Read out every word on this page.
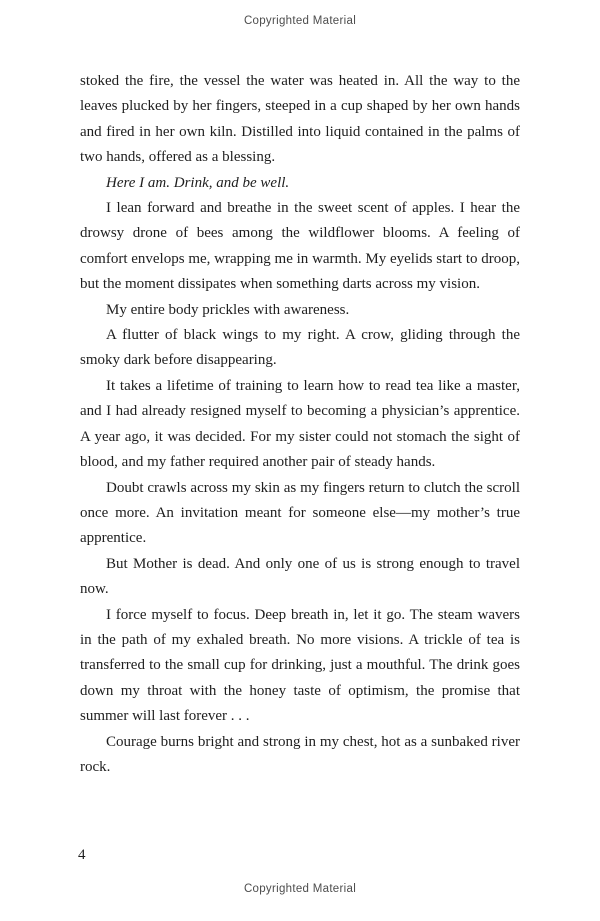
Copyrighted Material

stoked the fire, the vessel the water was heated in. All the way to the leaves plucked by her fingers, steeped in a cup shaped by her own hands and fired in her own kiln. Distilled into liquid contained in the palms of two hands, offered as a blessing.

Here I am. Drink, and be well.

I lean forward and breathe in the sweet scent of apples. I hear the drowsy drone of bees among the wildflower blooms. A feeling of comfort envelops me, wrapping me in warmth. My eyelids start to droop, but the moment dissipates when something darts across my vision.

My entire body prickles with awareness.

A flutter of black wings to my right. A crow, gliding through the smoky dark before disappearing.

It takes a lifetime of training to learn how to read tea like a master, and I had already resigned myself to becoming a physician’s apprentice. A year ago, it was decided. For my sister could not stomach the sight of blood, and my father required another pair of steady hands.

Doubt crawls across my skin as my fingers return to clutch the scroll once more. An invitation meant for someone else—my mother’s true apprentice.

But Mother is dead. And only one of us is strong enough to travel now.

I force myself to focus. Deep breath in, let it go. The steam wavers in the path of my exhaled breath. No more visions. A trickle of tea is transferred to the small cup for drinking, just a mouthful. The drink goes down my throat with the honey taste of optimism, the promise that summer will last forever . . .

Courage burns bright and strong in my chest, hot as a sunbaked river rock.

4
Copyrighted Material
